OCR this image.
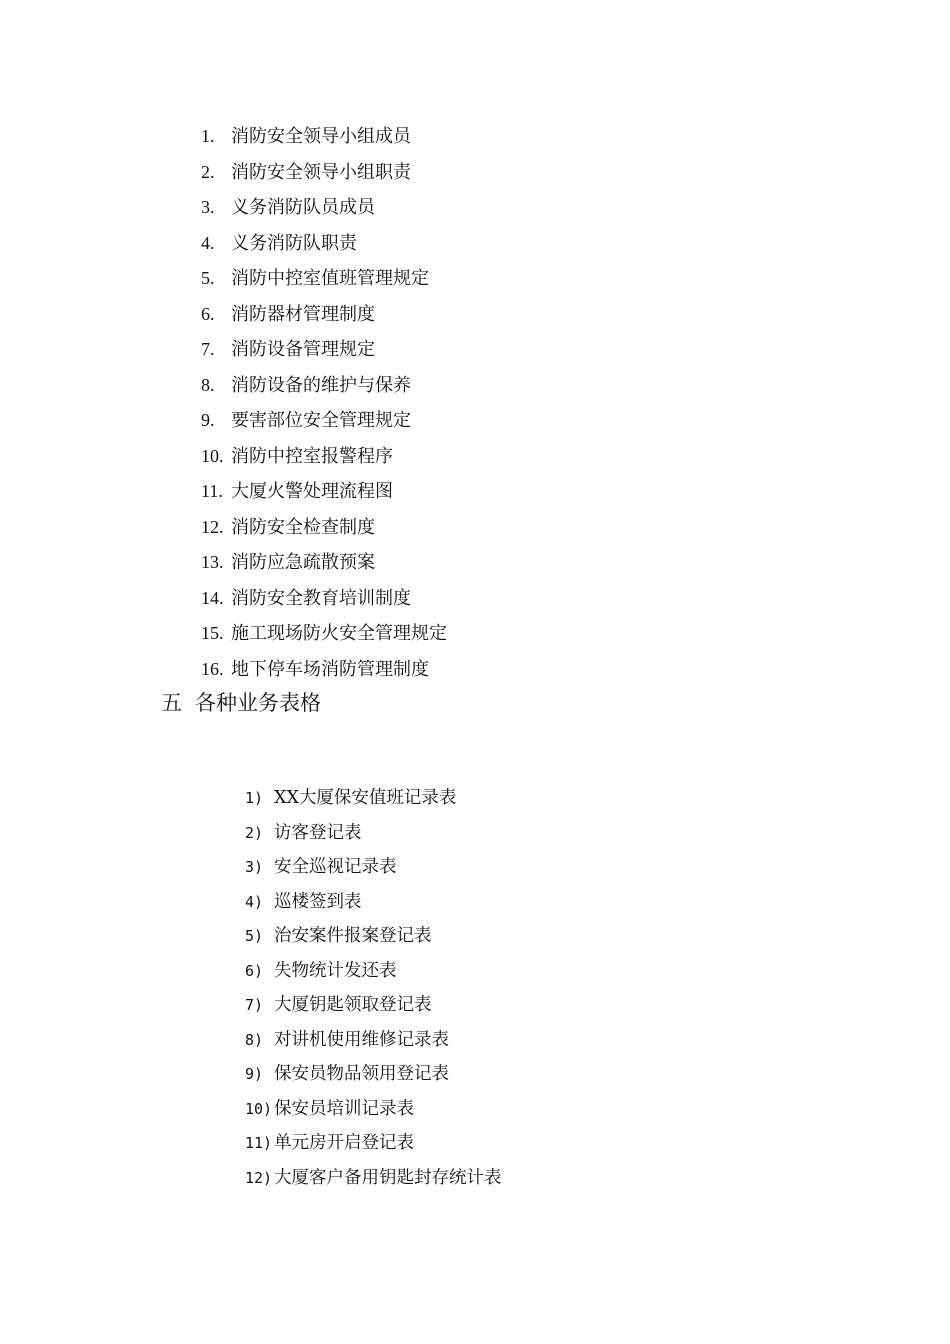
1. 消防安全领导小组成员
2. 消防安全领导小组职责
3. 义务消防队员成员
4. 义务消防队职责
5. 消防中控室值班管理规定
6. 消防器材管理制度
7. 消防设备管理规定
8. 消防设备的维护与保养
9. 要害部位安全管理规定
10. 消防中控室报警程序
11. 大厦火警处理流程图
12. 消防安全检查制度
13. 消防应急疏散预案
14. 消防安全教育培训制度
15. 施工现场防火安全管理规定
16. 地下停车场消防管理制度
五 各种业务表格
1) XX大厦保安值班记录表
2) 访客登记表
3) 安全巡视记录表
4) 巡楼签到表
5) 治安案件报案登记表
6) 失物统计发还表
7) 大厦钥匙领取登记表
8) 对讲机使用维修记录表
9) 保安员物品领用登记表
10) 保安员培训记录表
11) 单元房开启登记表
12) 大厦客户备用钥匙封存统计表
